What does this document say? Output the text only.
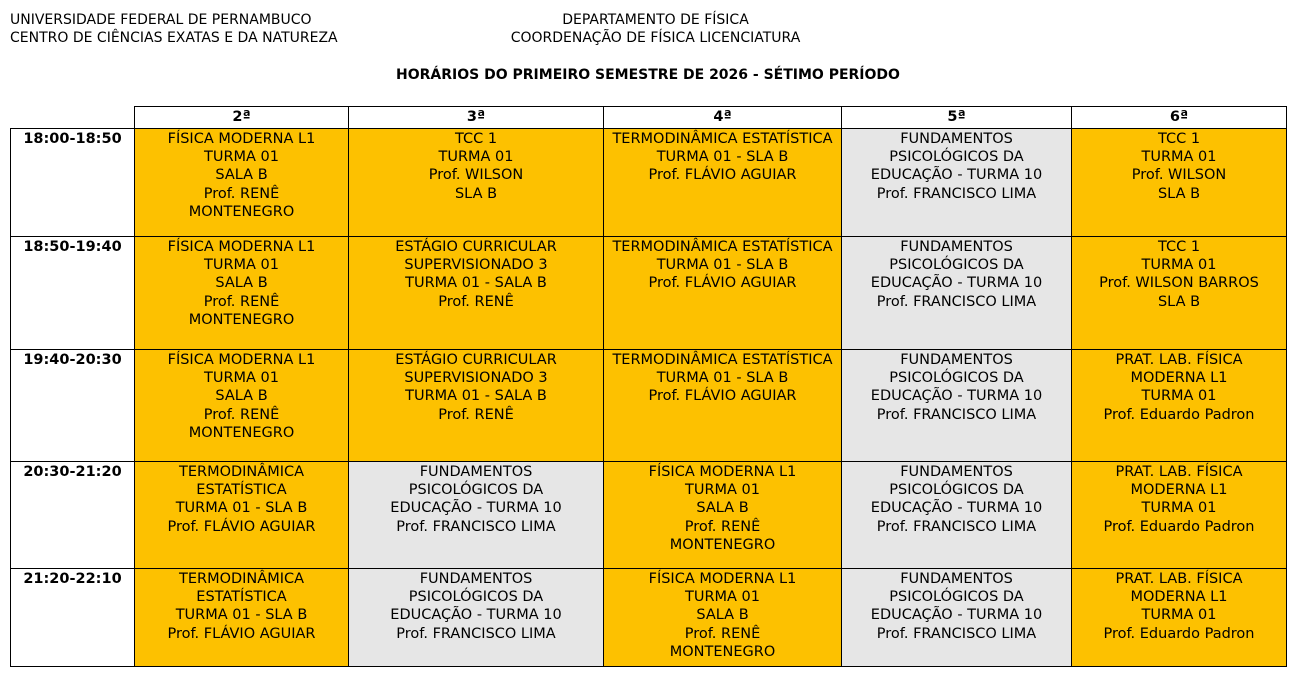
UNIVERSIDADE FEDERAL DE PERNAMBUCO
CENTRO DE CIÊNCIAS EXATAS E DA NATUREZA
DEPARTAMENTO DE FÍSICA
COORDENAÇÃO DE FÍSICA LICENCIATURA
HORÁRIOS DO PRIMEIRO SEMESTRE DE 2026 - SÉTIMO PERÍODO
	2ª	3ª	4ª	5ª	6ª
18:00-18:50	FÍSICA MODERNA L1
TURMA 01
SALA B
Prof. RENÊ
MONTENEGRO	TCC 1
TURMA 01
Prof. WILSON
SLA B	TERMODINÂMICA ESTATÍSTICA
TURMA 01 - SLA B
Prof. FLÁVIO AGUIAR	FUNDAMENTOS
PSICOLÓGICOS DA
EDUCAÇÃO - TURMA 10
Prof. FRANCISCO LIMA	TCC 1
TURMA 01
Prof. WILSON
SLA B

18:50-19:40	FÍSICA MODERNA L1
TURMA 01
SALA B
Prof. RENÊ
MONTENEGRO	ESTÁGIO CURRICULAR
SUPERVISIONADO 3
TURMA 01 - SALA B
Prof. RENÊ	TERMODINÂMICA ESTATÍSTICA
TURMA 01 - SLA B
Prof. FLÁVIO AGUIAR	FUNDAMENTOS
PSICOLÓGICOS DA
EDUCAÇÃO - TURMA 10
Prof. FRANCISCO LIMA	TCC 1
TURMA 01
Prof. WILSON BARROS
SLA B

19:40-20:30	FÍSICA MODERNA L1
TURMA 01
SALA B
Prof. RENÊ
MONTENEGRO	ESTÁGIO CURRICULAR
SUPERVISIONADO 3
TURMA 01 - SALA B
Prof. RENÊ	TERMODINÂMICA ESTATÍSTICA
TURMA 01 - SLA B
Prof. FLÁVIO AGUIAR	FUNDAMENTOS
PSICOLÓGICOS DA
EDUCAÇÃO - TURMA 10
Prof. FRANCISCO LIMA	PRAT. LAB. FÍSICA
MODERNA L1
TURMA 01
Prof. Eduardo Padron

20:30-21:20	TERMODINÂMICA
ESTATÍSTICA
TURMA 01 - SLA B
Prof. FLÁVIO AGUIAR	FUNDAMENTOS
PSICOLÓGICOS DA
EDUCAÇÃO - TURMA 10
Prof. FRANCISCO LIMA	FÍSICA MODERNA L1
TURMA 01
SALA B
Prof. RENÊ
MONTENEGRO	FUNDAMENTOS
PSICOLÓGICOS DA
EDUCAÇÃO - TURMA 10
Prof. FRANCISCO LIMA	PRAT. LAB. FÍSICA
MODERNA L1
TURMA 01
Prof. Eduardo Padron

21:20-22:10	TERMODINÂMICA
ESTATÍSTICA
TURMA 01 - SLA B
Prof. FLÁVIO AGUIAR	FUNDAMENTOS
PSICOLÓGICOS DA
EDUCAÇÃO - TURMA 10
Prof. FRANCISCO LIMA	FÍSICA MODERNA L1
TURMA 01
SALA B
Prof. RENÊ
MONTENEGRO	FUNDAMENTOS
PSICOLÓGICOS DA
EDUCAÇÃO - TURMA 10
Prof. FRANCISCO LIMA	PRAT. LAB. FÍSICA
MODERNA L1
TURMA 01
Prof. Eduardo Padron
